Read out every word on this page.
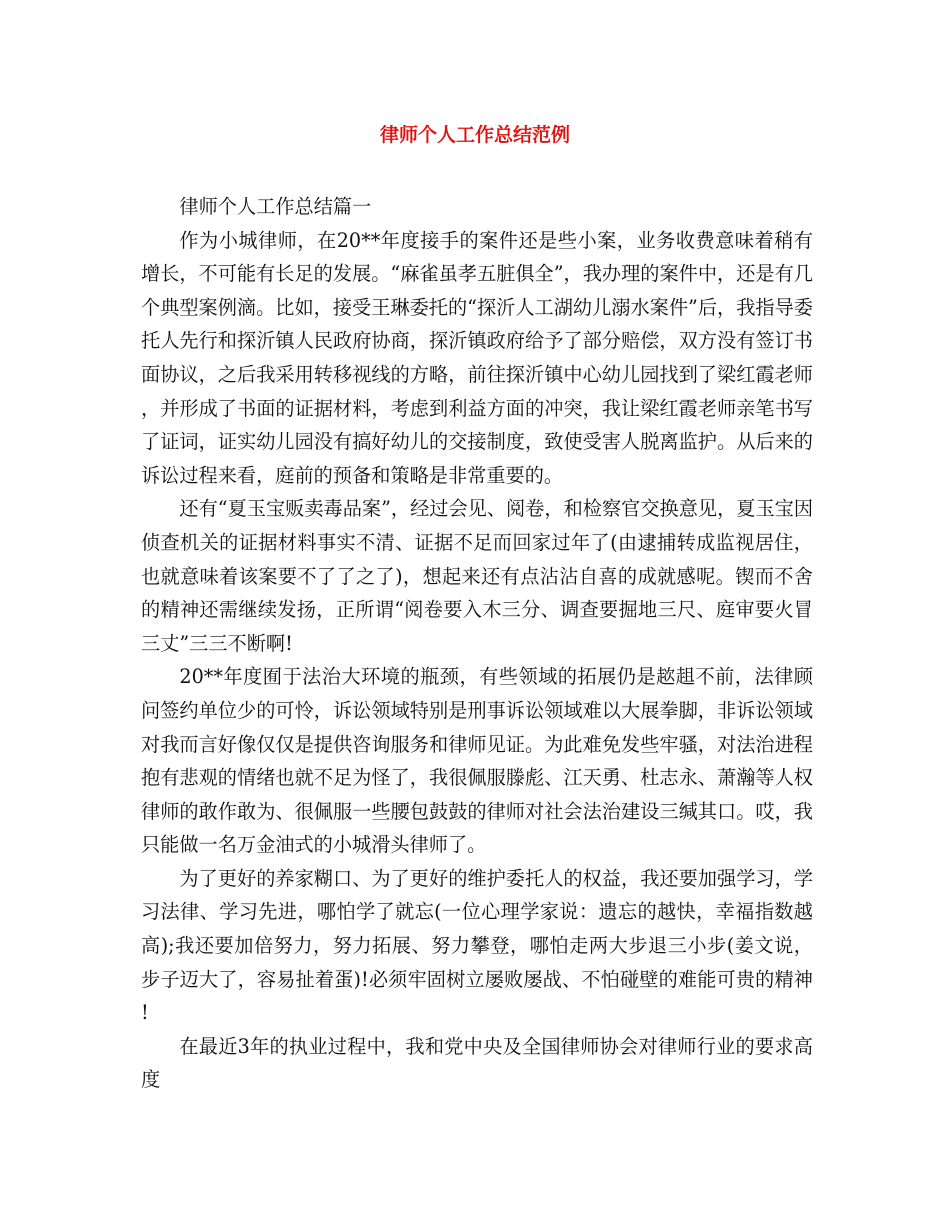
律师个人工作总结范例

律师个人工作总结篇一

作为小城律师，在20**年度接手的案件还是些小案，业务收费意味着稍有增长，不可能有长足的发展。“麻雀虽孝五脏俱全”，我办理的案件中，还是有几个典型案例滴。比如，接受王琳委托的“探沂人工湖幼儿溺水案件”后，我指导委托人先行和探沂镇人民政府协商，探沂镇政府给予了部分赔偿，双方没有签订书面协议，之后我采用转移视线的方略，前往探沂镇中心幼儿园找到了梁红霞老师，并形成了书面的证据材料，考虑到利益方面的冲突，我让梁红霞老师亲笔书写了证词，证实幼儿园没有搞好幼儿的交接制度，致使受害人脱离监护。从后来的诉讼过程来看，庭前的预备和策略是非常重要的。

还有“夏玉宝贩卖毒品案”，经过会见、阅卷，和检察官交换意见，夏玉宝因侦查机关的证据材料事实不清、证据不足而回家过年了(由逮捕转成监视居住，也就意味着该案要不了了之了)，想起来还有点沾沾自喜的成就感呢。锲而不舍的精神还需继续发扬，正所谓“阅卷要入木三分、调查要掘地三尺、庭审要火冒三丈”三三不断啊!

20**年度囿于法治大环境的瓶颈，有些领域的拓展仍是趑趄不前，法律顾问签约单位少的可怜，诉讼领域特别是刑事诉讼领域难以大展拳脚，非诉讼领域对我而言好像仅仅是提供咨询服务和律师见证。为此难免发些牢骚，对法治进程抱有悲观的情绪也就不足为怪了，我很佩服滕彪、江天勇、杜志永、萧瀚等人权律师的敢作敢为、很佩服一些腰包鼓鼓的律师对社会法治建设三缄其口。哎，我只能做一名万金油式的小城滑头律师了。

为了更好的养家糊口、为了更好的维护委托人的权益，我还要加强学习，学习法律、学习先进，哪怕学了就忘(一位心理学家说：遗忘的越快，幸福指数越高);我还要加倍努力，努力拓展、努力攀登，哪怕走两大步退三小步(姜文说，步子迈大了，容易扯着蛋)!必须牢固树立屡败屡战、不怕碰壁的难能可贵的精神!

在最近3年的执业过程中，我和党中央及全国律师协会对律师行业的要求高度
